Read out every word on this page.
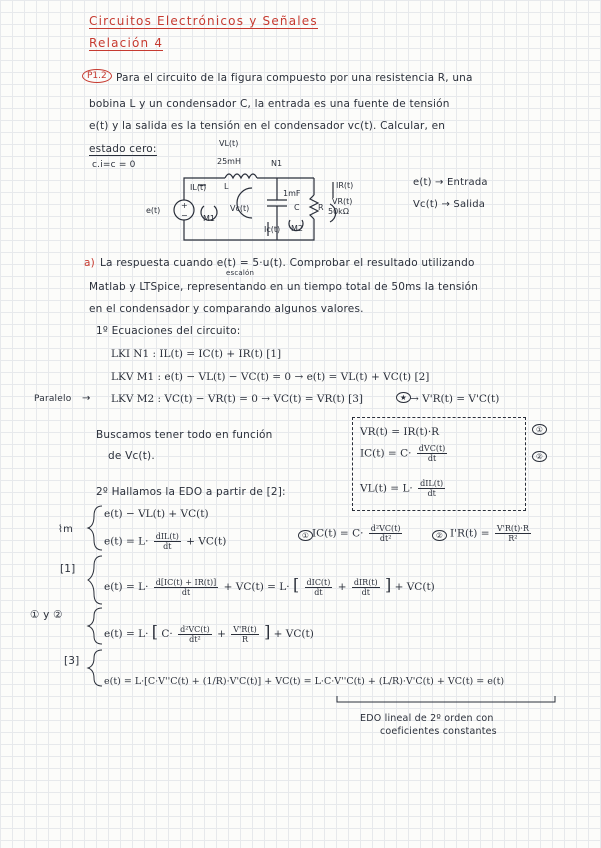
Circuitos Electrónicos y Señales
Relación 4
P1.2 Para el circuito de la figura compuesto por una resistencia R, una
bobina L y un condensador C, la entrada es una fuente de tensión
e(t) y la salida es la tensión en el condensador vc(t). Calcular, en
estado cero:
c.i=c = 0
VL(t)
25mH	N1
IL(t) L
1mF
C R 50kΩ
e(t)	Vc(t)
VR(t)
IR(t)
Ic(t)
M1
M2
+
−
e(t) → Entrada
Vc(t) → Salida
a) La respuesta cuando e(t) = 5·u(t). Comprobar el resultado utilizando
escalón
Matlab y LTSpice, representando en un tiempo total de 50ms la tensión
en el condensador y comparando algunos valores.
1º Ecuaciones del circuito:
LKI N1 : IL(t) = IC(t) + IR(t) [1]
LKV M1 : e(t) − VL(t) − VC(t) = 0 → e(t) = VL(t) + VC(t) [2]
Paralelo → LKV M2 : VC(t) − VR(t) = 0 → VC(t) = VR(t) [3]	★ → V'R(t) = V'C(t)
Buscamos tener todo en función
de Vc(t).
VR(t) = IR(t)·R	①
$IC(t) = C\cdot \frac{\text{dVC(t)}}{dt}$	②
$VL(t) = L\cdot \frac{\text{dIL(t)}}{dt}$
2º Hallamos la EDO a partir de [2]:
⌇m
e(t) − VL(t) + VC(t)
$e(t) = L\cdot \frac{\text{dIL(t)}}{dt} + VC(t)$	① $IC(t) = C\cdot \frac{\text{d²VC(t)}}{\text{dt²}}$	② $I'R(t) = \frac{V'R(t)\cdot R}{\text{R²}}$
[1]
$e(t) = L\cdot \frac{d[IC(t) + IR(t)]}{dt} + VC(t) = L\cdot$ [ $\frac{\text{dIC(t)}}{dt} + \frac{\text{dIR(t)}}{dt}$ ] + VC(t)
① y ②
e(t) = L· [ $C\cdot \frac{\text{d²VC(t)}}{\text{dt²}} + \frac{V'R(t)}{R}$ ] + VC(t)
[3]
e(t) = L·[C·V''C(t) + (1/R)·V'C(t)] + VC(t) = L·C·V''C(t) + (L/R)·V'C(t) + VC(t) = e(t)
EDO lineal de 2º orden con
coeficientes constantes
